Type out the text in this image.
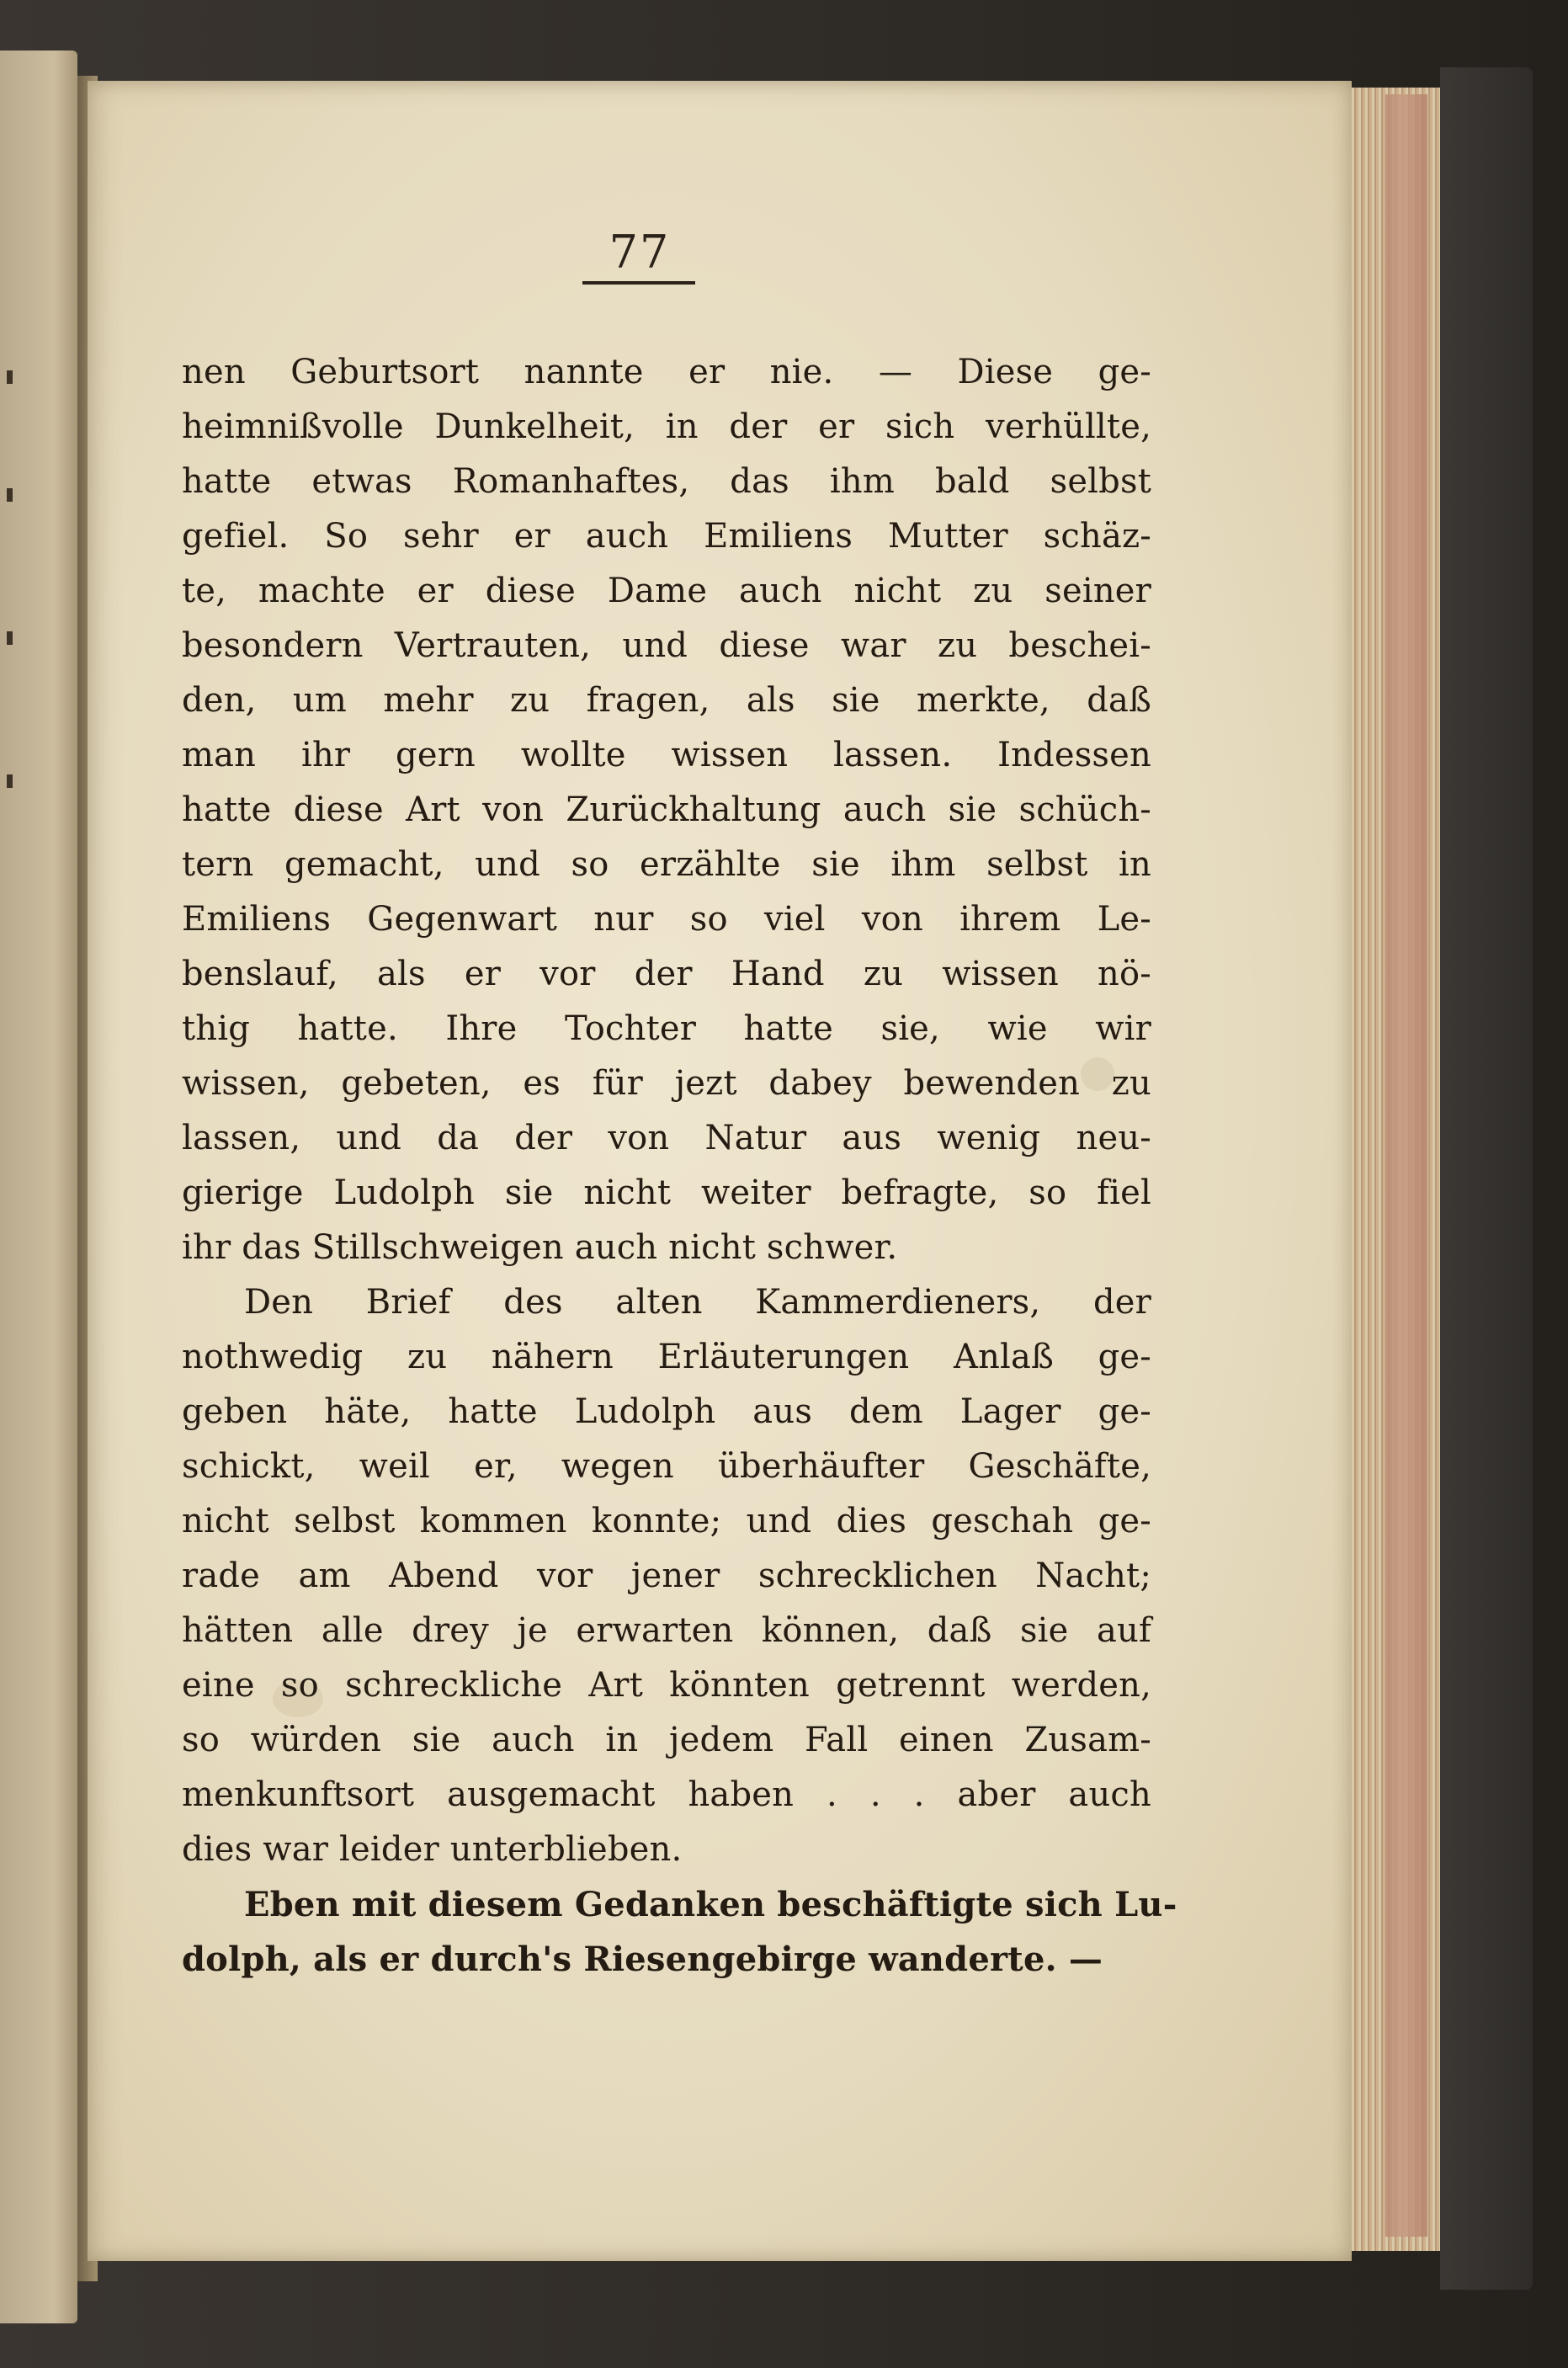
77
nen Geburtsort nannte er nie. — Diese ge-
heimnißvolle Dunkelheit, in der er sich verhüllte,
hatte etwas Romanhaftes, das ihm bald selbst
gefiel. So sehr er auch Emiliens Mutter schäz-
te, machte er diese Dame auch nicht zu seiner
besondern Vertrauten, und diese war zu beschei-
den, um mehr zu fragen, als sie merkte, daß
man ihr gern wollte wissen lassen. Indessen
hatte diese Art von Zurückhaltung auch sie schüch-
tern gemacht, und so erzählte sie ihm selbst in
Emiliens Gegenwart nur so viel von ihrem Le-
benslauf, als er vor der Hand zu wissen nö-
thig hatte. Ihre Tochter hatte sie, wie wir
wissen, gebeten, es für jezt dabey bewenden zu
lassen, und da der von Natur aus wenig neu-
gierige Ludolph sie nicht weiter befragte, so fiel
ihr das Stillschweigen auch nicht schwer.
Den Brief des alten Kammerdieners, der
nothwedig zu nähern Erläuterungen Anlaß ge-
geben häte, hatte Ludolph aus dem Lager ge-
schickt, weil er, wegen überhäufter Geschäfte,
nicht selbst kommen konnte; und dies geschah ge-
rade am Abend vor jener schrecklichen Nacht;
hätten alle drey je erwarten können, daß sie auf
eine so schreckliche Art könnten getrennt werden,
so würden sie auch in jedem Fall einen Zusam-
menkunftsort ausgemacht haben . . . aber auch
dies war leider unterblieben.
Eben mit diesem Gedanken beschäftigte sich Lu-
dolph, als er durch's Riesengebirge wanderte. —
